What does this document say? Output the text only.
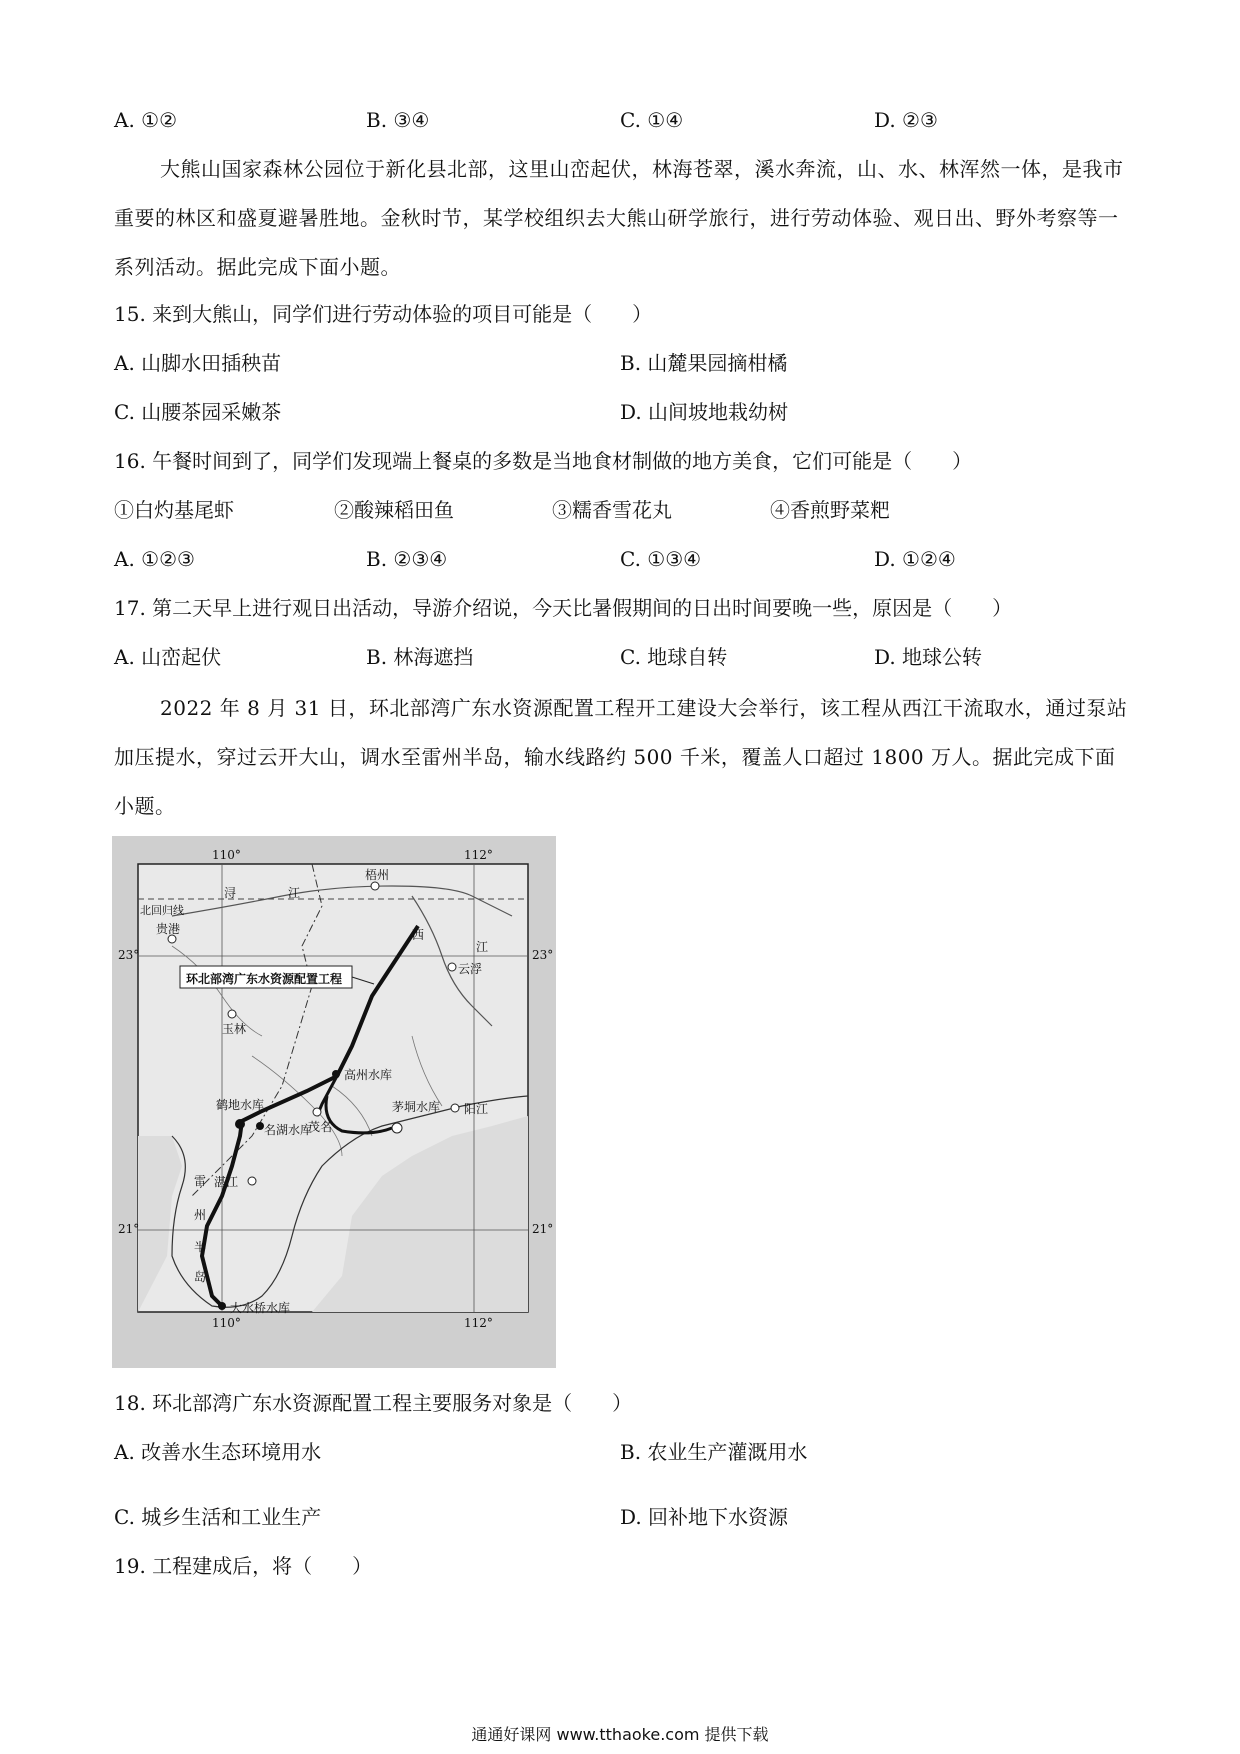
A. ①②	B. ③④	C. ①④	D. ②③
大熊山国家森林公园位于新化县北部，这里山峦起伏，林海苍翠，溪水奔流，山、水、林浑然一体，是我市重要的林区和盛夏避暑胜地。金秋时节，某学校组织去大熊山研学旅行，进行劳动体验、观日出、野外考察等一系列活动。据此完成下面小题。
15. 来到大熊山，同学们进行劳动体验的项目可能是（　　）
A. 山脚水田插秧苗	B. 山麓果园摘柑橘
C. 山腰茶园采嫩茶	D. 山间坡地栽幼树
16. 午餐时间到了，同学们发现端上餐桌的多数是当地食材制做的地方美食，它们可能是（　　）
①白灼基尾虾	②酸辣稻田鱼	③糯香雪花丸	④香煎野菜粑
A. ①②③	B. ②③④	C. ①③④	D. ①②④
17. 第二天早上进行观日出活动，导游介绍说，今天比暑假期间的日出时间要晚一些，原因是（　　）
A. 山峦起伏	B. 林海遮挡	C. 地球自转	D. 地球公转
2022 年 8 月 31 日，环北部湾广东水资源配置工程开工建设大会举行，该工程从西江干流取水，通过泵站加压提水，穿过云开大山，调水至雷州半岛，输水线路约 500 千米，覆盖人口超过 1800 万人。据此完成下面小题。
110°	112°
110°	112°
23°	23°
21°	21°
北回归线
环北部湾广东水资源配置工程
梧州
贵港
云浮
玉林
高州水库
鹤地水库
名湖水库
茂名
茅垌水库 阳江
湛江
大水桥水库
浔	江
西
江
雷
州
半
岛
18. 环北部湾广东水资源配置工程主要服务对象是（　　）
A. 改善水生态环境用水	B. 农业生产灌溉用水
C. 城乡生活和工业生产	D. 回补地下水资源
19. 工程建成后，将（　　）
通通好课网 www.tthaoke.com 提供下载
